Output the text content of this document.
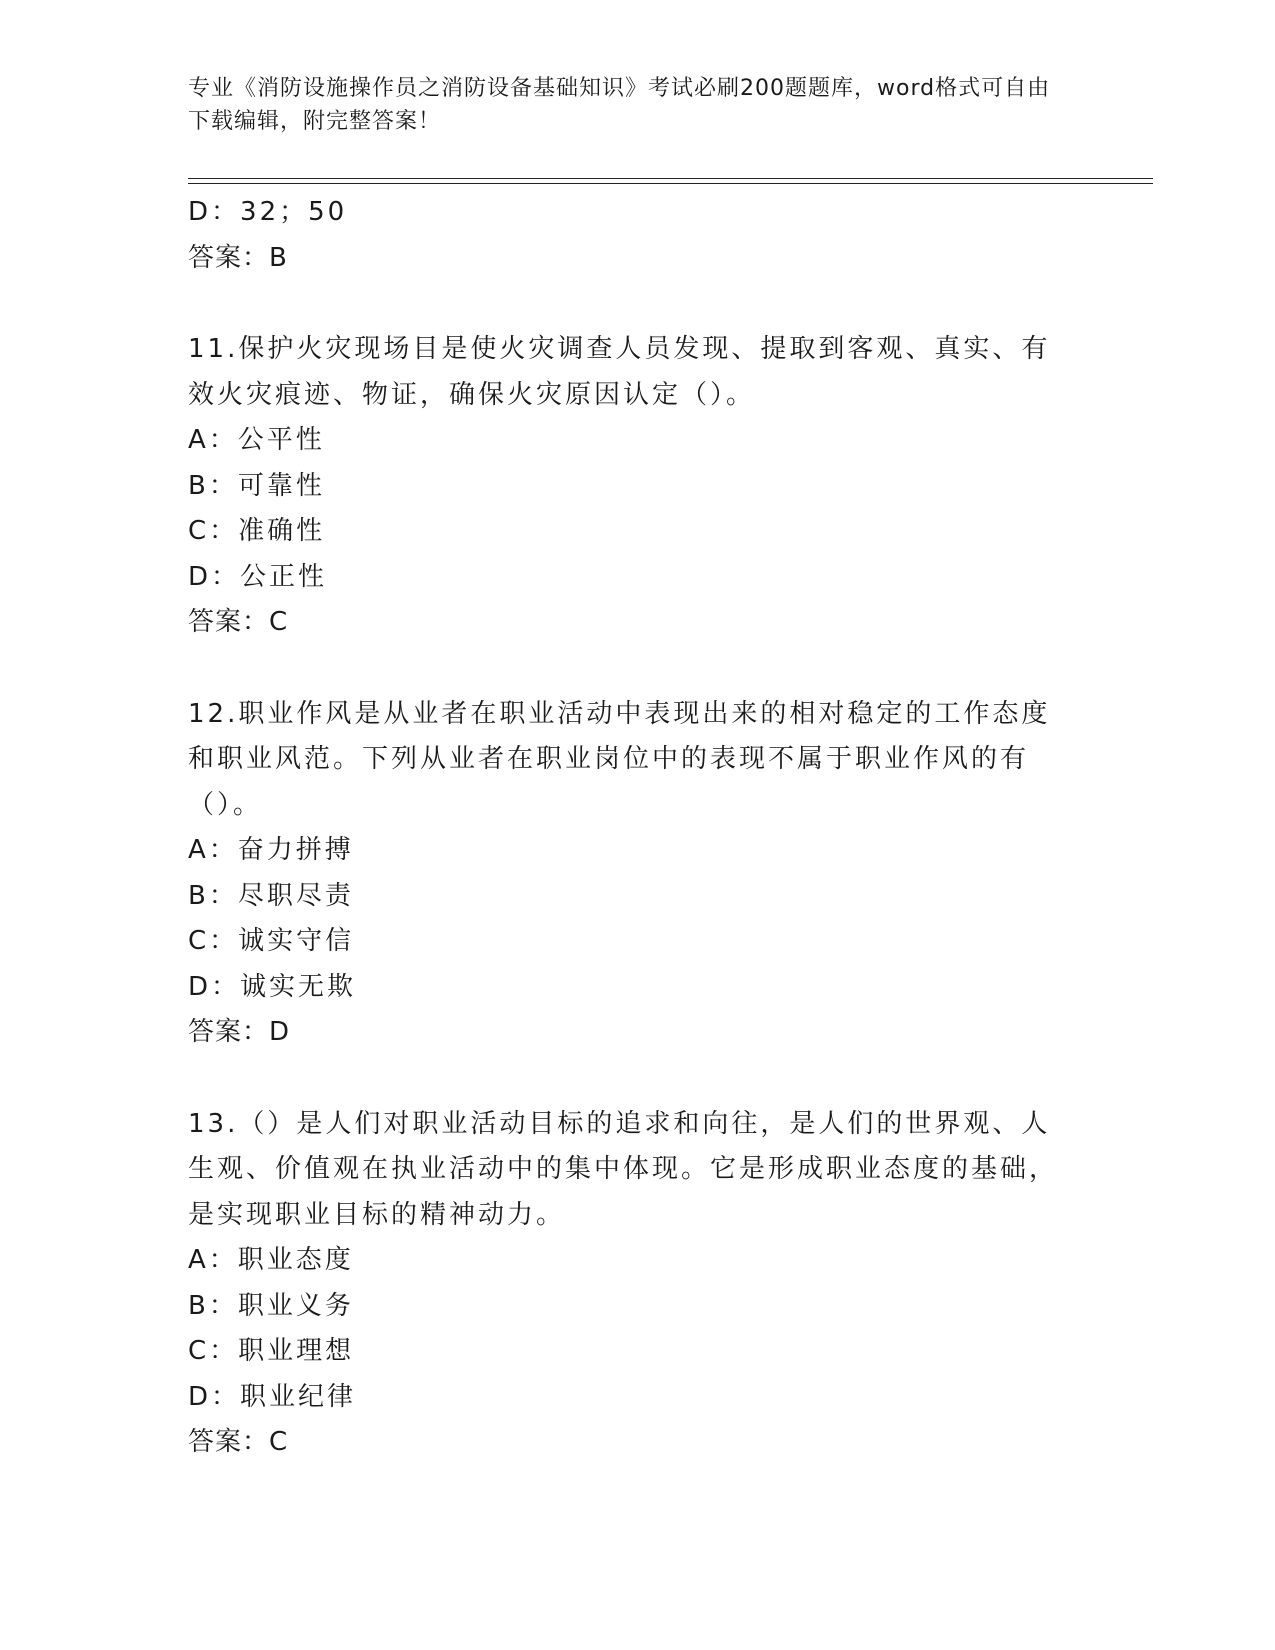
专业《消防设施操作员之消防设备基础知识》考试必刷200题题库，word格式可自由下载编辑，附完整答案！
D：32；50
答案：B
11.保护火灾现场目是使火灾调查人员发现、提取到客观、真实、有效火灾痕迹、物证，确保火灾原因认定（）。
A：公平性
B：可靠性
C：准确性
D：公正性
答案：C
12.职业作风是从业者在职业活动中表现出来的相对稳定的工作态度和职业风范。下列从业者在职业岗位中的表现不属于职业作风的有（）。
A：奋力拼搏
B：尽职尽责
C：诚实守信
D：诚实无欺
答案：D
13.（）是人们对职业活动目标的追求和向往，是人们的世界观、人生观、价值观在执业活动中的集中体现。它是形成职业态度的基础，是实现职业目标的精神动力。
A：职业态度
B：职业义务
C：职业理想
D：职业纪律
答案：C
